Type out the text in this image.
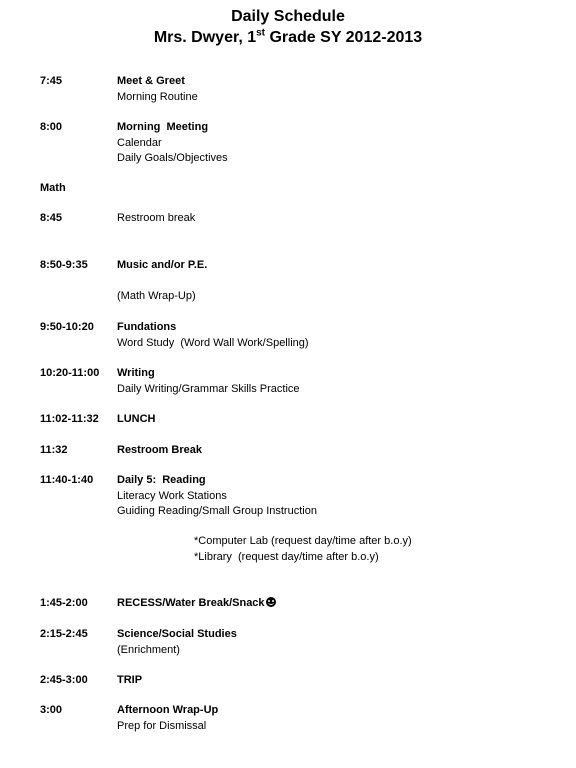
Daily Schedule
Mrs. Dwyer, 1st Grade SY 2012-2013
7:45	Meet & Greet
Morning Routine
8:00	Morning  Meeting
Calendar
Daily Goals/Objectives
Math
8:45	Restroom break
8:50-9:35	Music and/or P.E.
(Math Wrap-Up)
9:50-10:20	Fundations
Word Study  (Word Wall Work/Spelling)
10:20-11:00	Writing
Daily Writing/Grammar Skills Practice
11:02-11:32	LUNCH
11:32	Restroom Break
11:40-1:40	Daily 5:  Reading
Literacy Work Stations
Guiding Reading/Small Group Instruction
*Computer Lab (request day/time after b.o.y)
*Library  (request day/time after b.o.y)
1:45-2:00	RECESS/Water Break/Snack
2:15-2:45	Science/Social Studies
(Enrichment)
2:45-3:00	TRIP
3:00	Afternoon Wrap-Up
Prep for Dismissal
